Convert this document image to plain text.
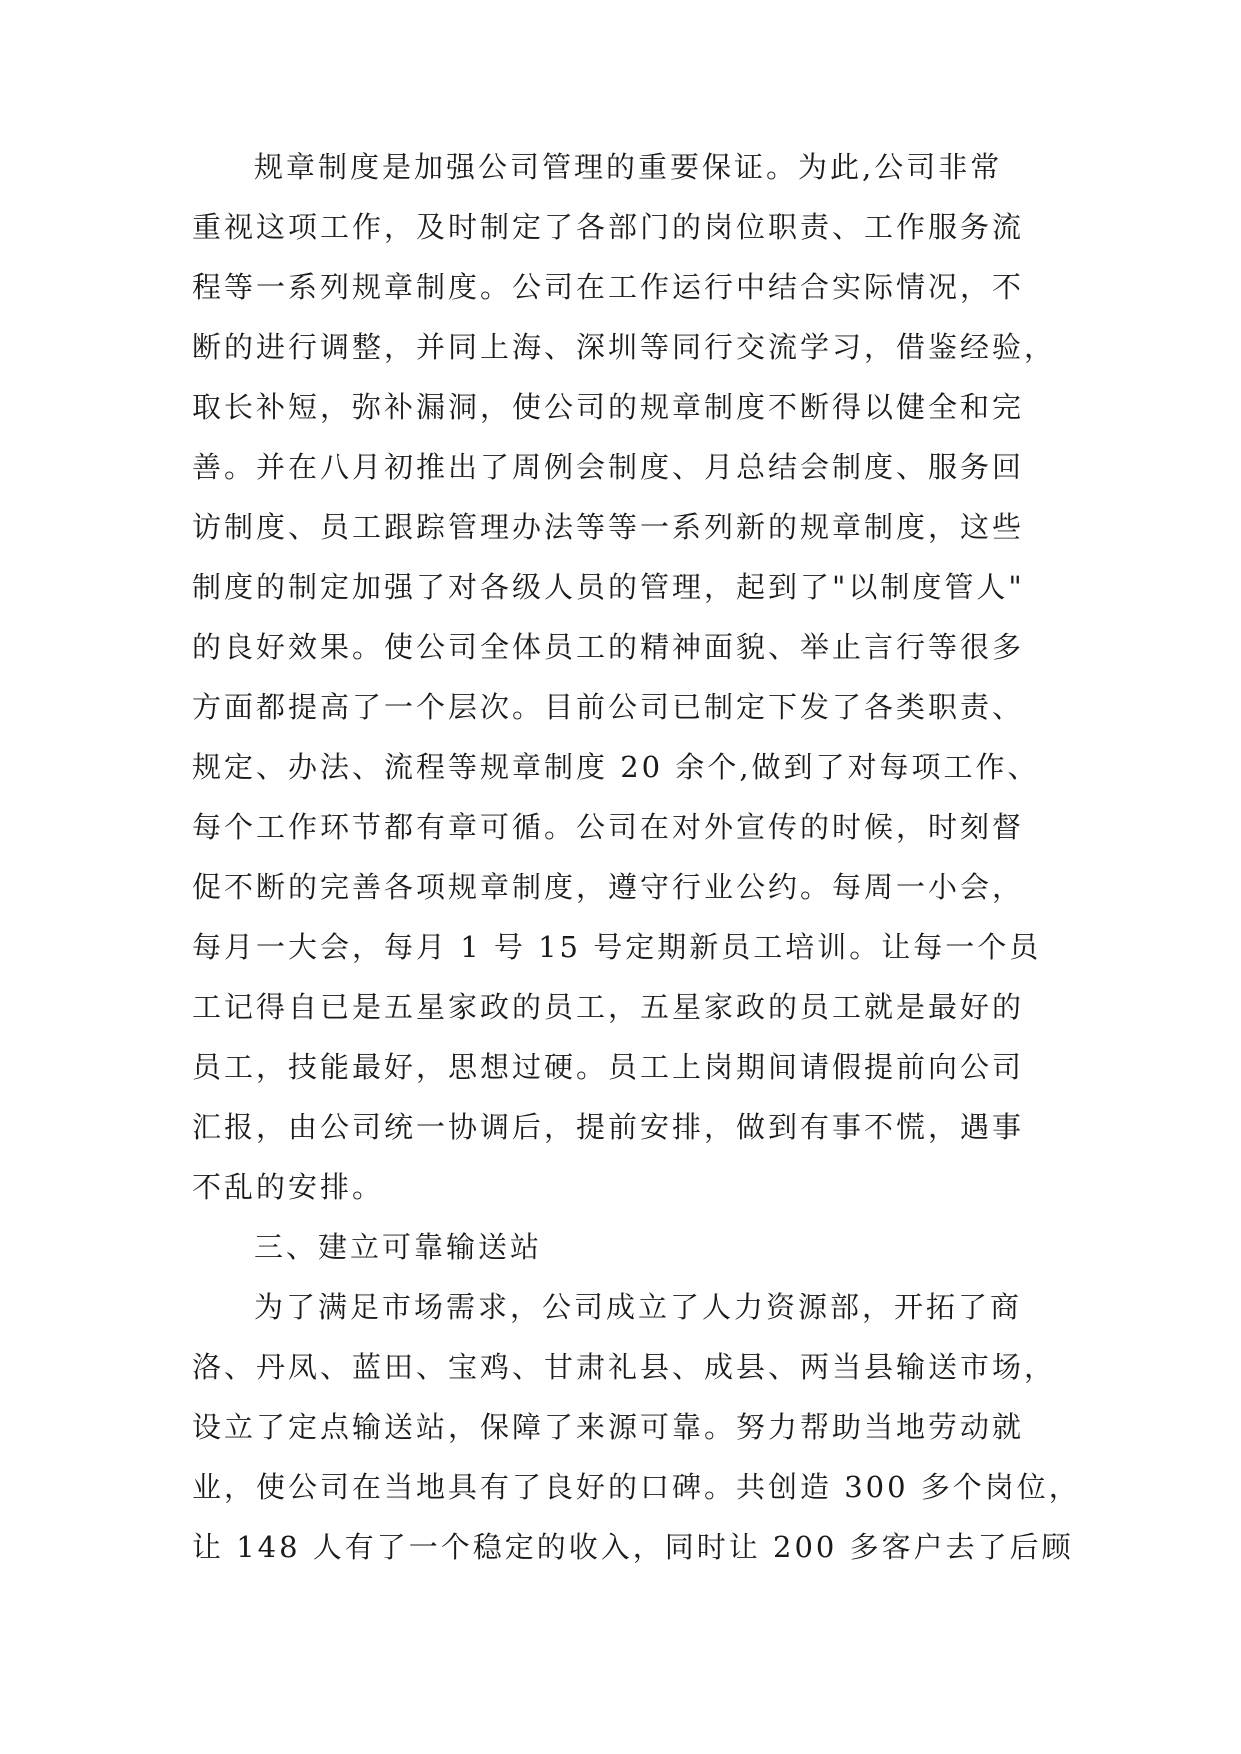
规章制度是加强公司管理的重要保证。为此,公司非常
重视这项工作，及时制定了各部门的岗位职责、工作服务流
程等一系列规章制度。公司在工作运行中结合实际情况，不
断的进行调整，并同上海、深圳等同行交流学习，借鉴经验，
取长补短，弥补漏洞，使公司的规章制度不断得以健全和完
善。并在八月初推出了周例会制度、月总结会制度、服务回
访制度、员工跟踪管理办法等等一系列新的规章制度，这些
制度的制定加强了对各级人员的管理，起到了"以制度管人"
的良好效果。使公司全体员工的精神面貌、举止言行等很多
方面都提高了一个层次。目前公司已制定下发了各类职责、
规定、办法、流程等规章制度 20 余个,做到了对每项工作、
每个工作环节都有章可循。公司在对外宣传的时候，时刻督
促不断的完善各项规章制度，遵守行业公约。每周一小会，
每月一大会，每月 1 号 15 号定期新员工培训。让每一个员
工记得自已是五星家政的员工，五星家政的员工就是最好的
员工，技能最好，思想过硬。员工上岗期间请假提前向公司
汇报，由公司统一协调后，提前安排，做到有事不慌，遇事
不乱的安排。
三、建立可靠输送站
为了满足市场需求，公司成立了人力资源部，开拓了商
洛、丹凤、蓝田、宝鸡、甘肃礼县、成县、两当县输送市场，
设立了定点输送站，保障了来源可靠。努力帮助当地劳动就
业，使公司在当地具有了良好的口碑。共创造 300 多个岗位，
让 148 人有了一个稳定的收入，同时让 200 多客户去了后顾
